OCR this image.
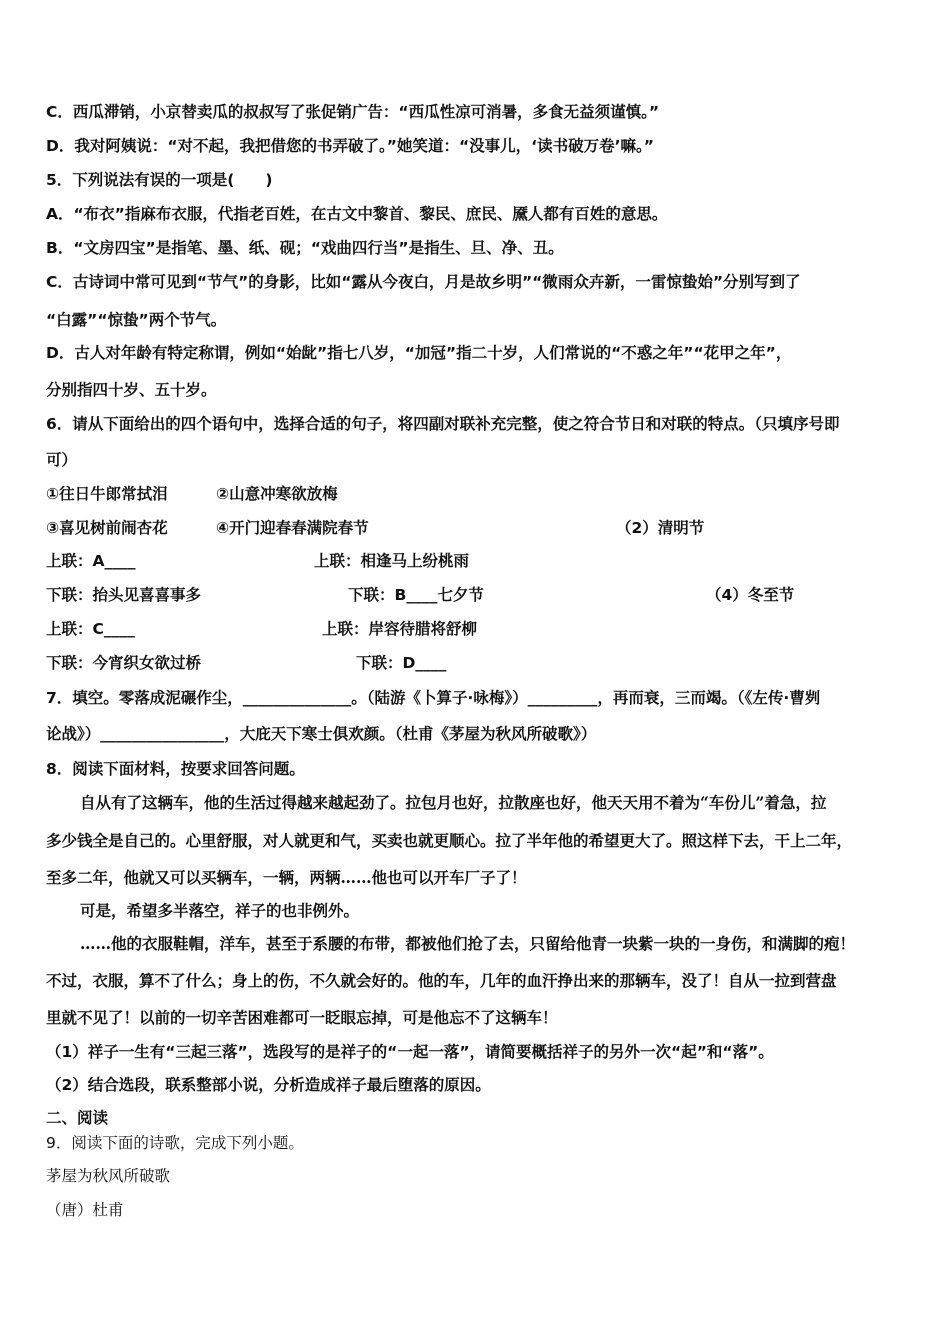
C．西瓜滞销，小京替卖瓜的叔叔写了张促销广告：“西瓜性凉可消暑，多食无益须谨慎。”
D．我对阿姨说：“对不起，我把借您的书弄破了。”她笑道：“没事儿，‘读书破万卷’嘛。”
5．下列说法有误的一项是(　　)
A．“布衣”指麻布衣服，代指老百姓，在古文中黎首、黎民、庶民、黡人都有百姓的意思。
B．“文房四宝”是指笔、墨、纸、砚；“戏曲四行当”是指生、旦、净、丑。
C．古诗词中常可见到“节气”的身影，比如“露从今夜白，月是故乡明”“微雨众卉新，一雷惊蛰始”分别写到了
“白露”“惊蛰”两个节气。
D．古人对年龄有特定称谓，例如“始龀”指七八岁，“加冠”指二十岁，人们常说的“不惑之年”“花甲之年”，
分别指四十岁、五十岁。
6．请从下面给出的四个语句中，选择合适的句子，将四副对联补充完整，使之符合节日和对联的特点。（只填序号即
可）
①往日牛郎常拭泪	②山意冲寒欲放梅
③喜见树前闹杏花	④开门迎春春满院春节	（2）清明节
上联：A____	上联：相逢马上纷桃雨
下联：抬头见喜喜事多	下联：B____七夕节	（4）冬至节
上联：C____	上联：岸容待腊将舒柳
下联：今宵织女欲过桥	下联：D____
7．填空。零落成泥碾作尘，______________。（陆游《卜算子·咏梅》）_________，再而衰，三而竭。（《左传·曹刿
论战》）________________，大庇天下寒士俱欢颜。（杜甫《茅屋为秋风所破歌》）
8．阅读下面材料，按要求回答问题。
自从有了这辆车，他的生活过得越来越起劲了。拉包月也好，拉散座也好，他天天用不着为“车份儿”着急，拉
多少钱全是自己的。心里舒服，对人就更和气，买卖也就更顺心。拉了半年他的希望更大了。照这样下去，干上二年，
至多二年，他就又可以买辆车，一辆，两辆……他也可以开车厂子了！
可是，希望多半落空，祥子的也非例外。
……他的衣服鞋帽，洋车，甚至于系腰的布带，都被他们抢了去，只留给他青一块紫一块的一身伤，和满脚的疱！
不过，衣服，算不了什么；身上的伤，不久就会好的。他的车，几年的血汗挣出来的那辆车，没了！自从一拉到营盘
里就不见了！以前的一切辛苦困难都可一眨眼忘掉，可是他忘不了这辆车！
（1）祥子一生有“三起三落”，选段写的是祥子的“一起一落”，请简要概括祥子的另外一次“起”和“落”。
（2）结合选段，联系整部小说，分析造成祥子最后堕落的原因。
二、阅读
9．阅读下面的诗歌，完成下列小题。
茅屋为秋风所破歌
（唐）杜甫
